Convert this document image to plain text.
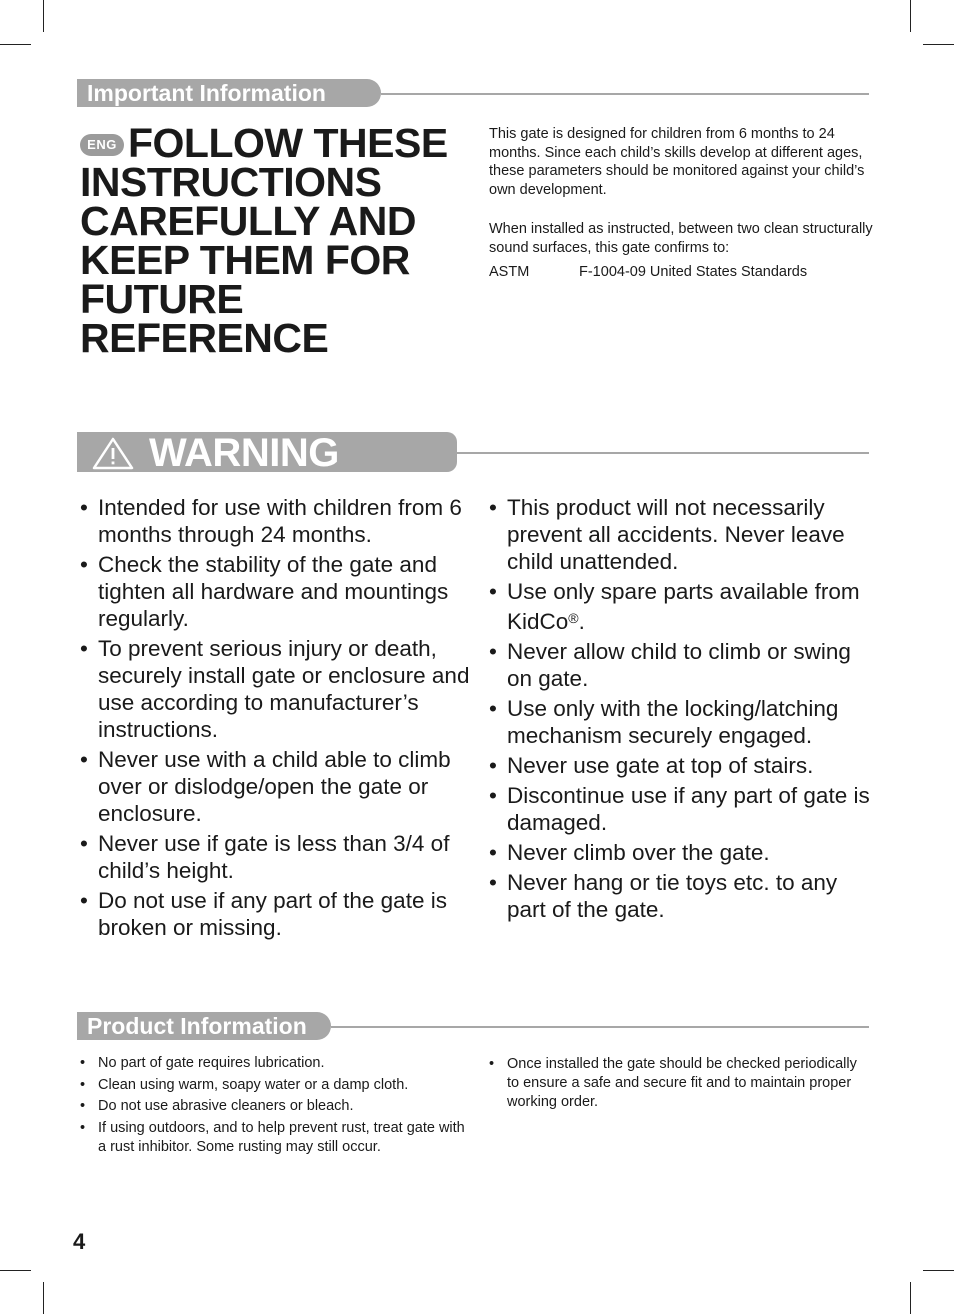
Important Information
ENG FOLLOW THESE INSTRUCTIONS CAREFULLY AND KEEP THEM FOR FUTURE REFERENCE

This gate is designed for children from 6 months to 24 months. Since each child’s skills develop at different ages, these parameters should be monitored against your child’s own development.

When installed as instructed, between two clean structurally sound surfaces, this gate confirms to:

ASTM	F-1004-09 United States Standards
WARNING
• Intended for use with children from 6 months through 24 months.
• Check the stability of the gate and tighten all hardware and mountings regularly.
• To prevent serious injury or death, securely install gate or enclosure and use according to manufacturer’s instructions.
• Never use with a child able to climb over or dislodge/open the gate or enclosure.
• Never use if gate is less than 3/4 of child’s height.
• Do not use if any part of the gate is broken or missing.
• This product will not necessarily prevent all accidents. Never leave child unattended.
• Use only spare parts available from KidCo®.
• Never allow child to climb or swing on gate.
• Use only with the locking/latching mechanism securely engaged.
• Never use gate at top of stairs.
• Discontinue use if any part of gate is damaged.
• Never climb over the gate.
• Never hang or tie toys etc. to any part of the gate.
Product Information
• No part of gate requires lubrication.
• Clean using warm, soapy water or a damp cloth.
• Do not use abrasive cleaners or bleach.
• If using outdoors, and to help prevent rust, treat gate with a rust inhibitor. Some rusting may still occur.
• Once installed the gate should be checked periodically to ensure a safe and secure fit and to maintain proper working order.
4
